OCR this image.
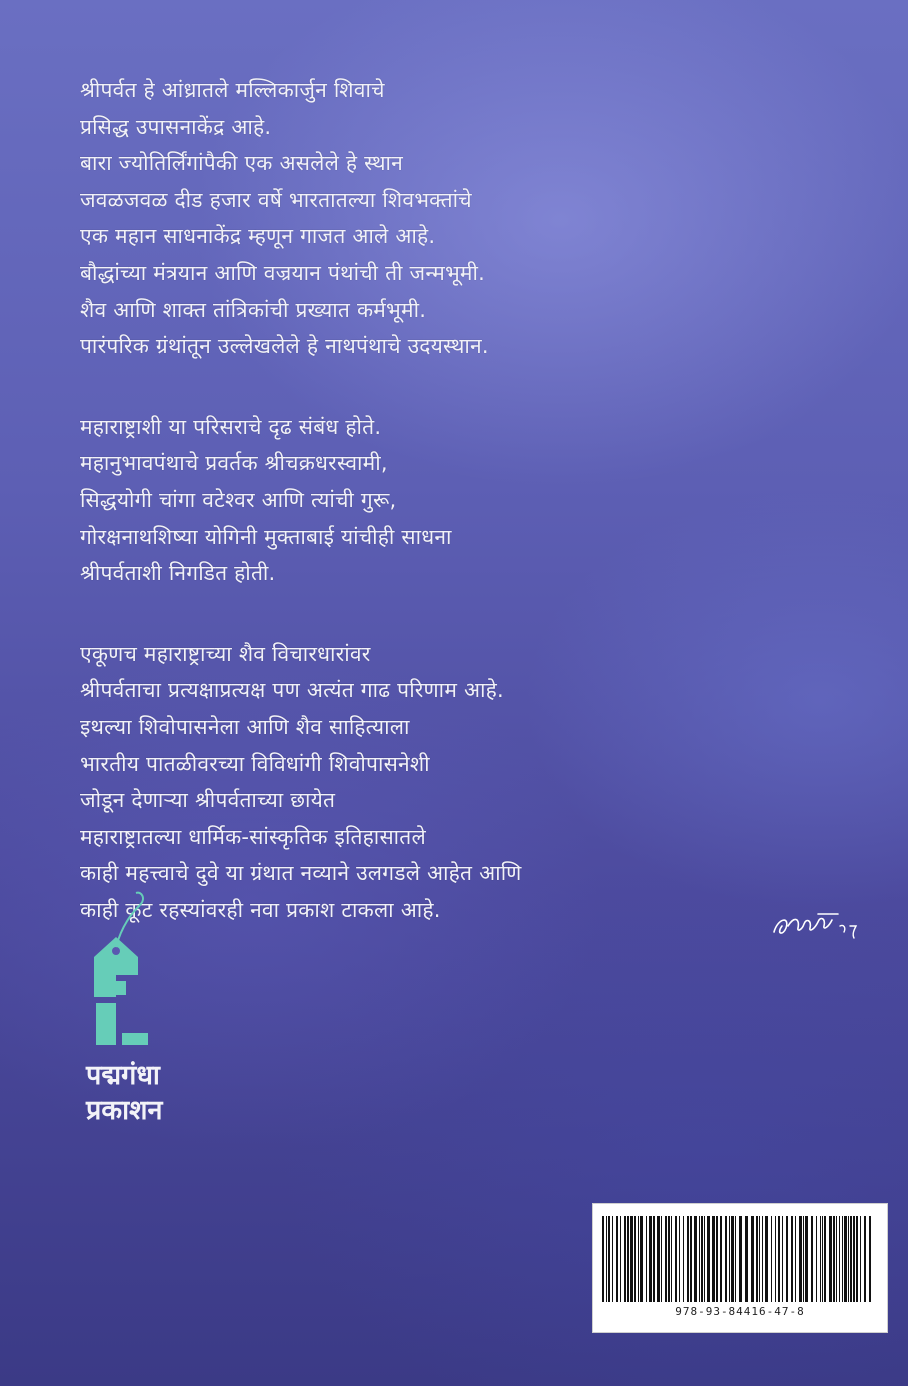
श्रीपर्वत हे आंध्रातले मल्लिकार्जुन शिवाचे
प्रसिद्ध उपासनाकेंद्र आहे.
बारा ज्योतिर्लिंगांपैकी एक असलेले हे स्थान
जवळजवळ दीड हजार वर्षे भारतातल्या शिवभक्तांचे
एक महान साधनाकेंद्र म्हणून गाजत आले आहे.
बौद्धांच्या मंत्रयान आणि वज्रयान पंथांची ती जन्मभूमी.
शैव आणि शाक्त तांत्रिकांची प्रख्यात कर्मभूमी.
पारंपरिक ग्रंथांतून उल्लेखलेले हे नाथपंथाचे उदयस्थान.
महाराष्ट्राशी या परिसराचे दृढ संबंध होते.
महानुभावपंथाचे प्रवर्तक श्रीचक्रधरस्वामी,
सिद्धयोगी चांगा वटेश्वर आणि त्यांची गुरू,
गोरक्षनाथशिष्या योगिनी मुक्ताबाई यांचीही साधना
श्रीपर्वताशी निगडित होती.
एकूणच महाराष्ट्राच्या शैव विचारधारांवर
श्रीपर्वताचा प्रत्यक्षाप्रत्यक्ष पण अत्यंत गाढ परिणाम आहे.
इथल्या शिवोपासनेला आणि शैव साहित्याला
भारतीय पातळीवरच्या विविधांगी शिवोपासनेशी
जोडून देणाऱ्या श्रीपर्वताच्या छायेत
महाराष्ट्रातल्या धार्मिक-सांस्कृतिक इतिहासातले
काही महत्त्वाचे दुवे या ग्रंथात नव्याने उलगडले आहेत आणि
काही कूट रहस्यांवरही नवा प्रकाश टाकला आहे.
पद्मगंधा
प्रकाशन
978-93-84416-47-8
